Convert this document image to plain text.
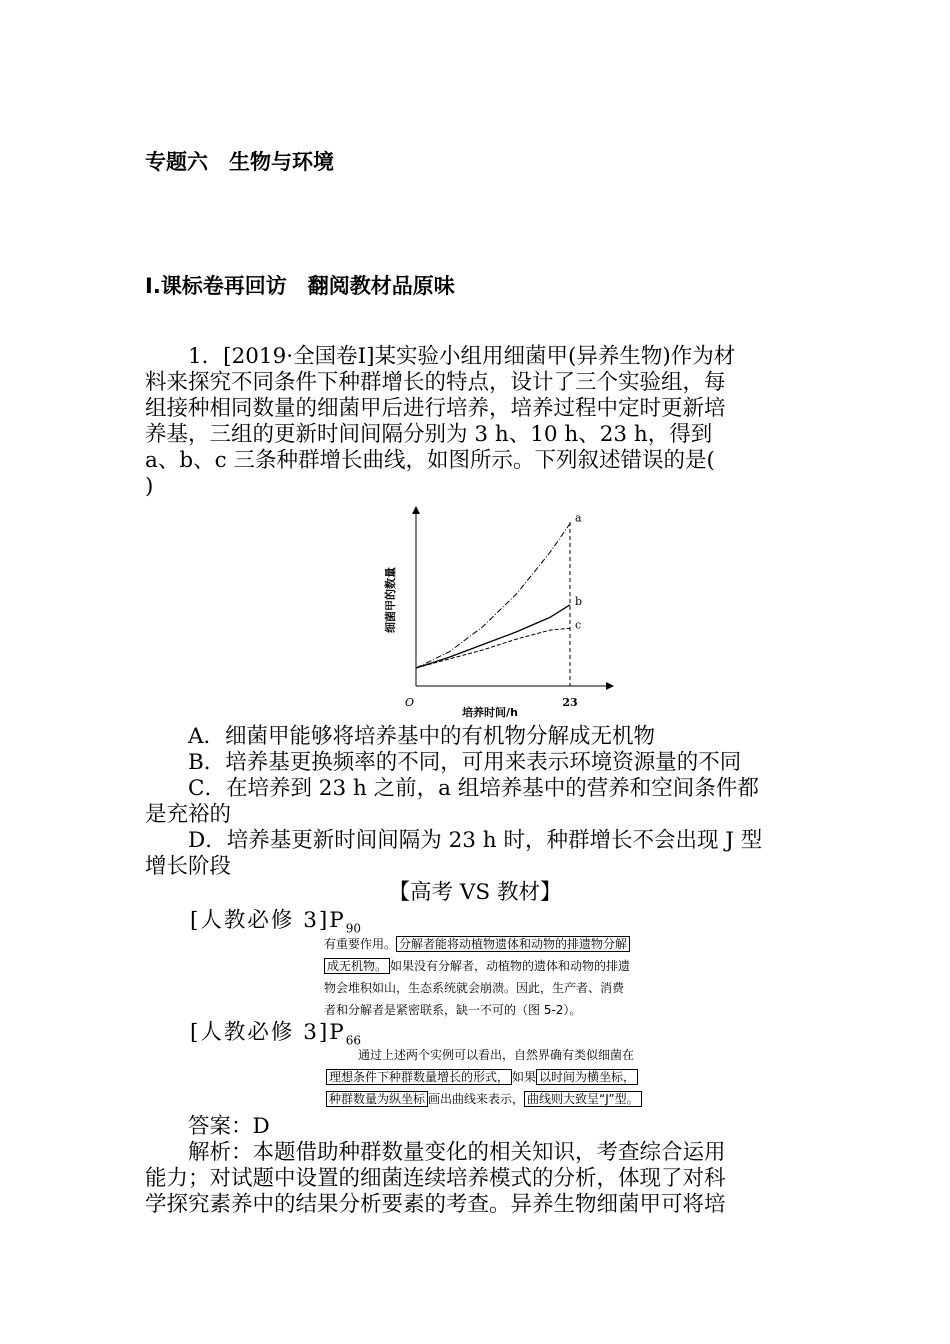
专题六　生物与环境
Ⅰ.课标卷再回访　翻阅教材品原味
　　1．[2019·全国卷Ⅰ]某实验小组用细菌甲(异养生物)作为材
料来探究不同条件下种群增长的特点，设计了三个实验组，每
组接种相同数量的细菌甲后进行培养，培养过程中定时更新培
养基，三组的更新时间间隔分别为 3 h、10 h、23 h，得到
a、b、c 三条种群增长曲线，如图所示。下列叙述错误的是(
)
a
b
c
细菌甲的数量
培养时间/h
O	23
　　A．细菌甲能够将培养基中的有机物分解成无机物
　　B．培养基更换频率的不同，可用来表示环境资源量的不同
　　C．在培养到 23 h 之前，a 组培养基中的营养和空间条件都
是充裕的
　　D．培养基更新时间间隔为 23 h 时，种群增长不会出现 J 型
增长阶段
【高考 VS 教材】
[人教必修 $3]P_{90}$
有重要作用。 分解者能将动植物遗体和动物的排遗物分解
成无机物。 如果没有分解者，动植物的遗体和动物的排遗
物会堆积如山，生态系统就会崩溃。因此，生产者、消费
者和分解者是紧密联系，缺一不可的（图 5-2）。
[人教必修 $3]P_{66}$
通过上述两个实例可以看出，自然界确有类似细菌在
理想条件下种群数量增长的形式， 如果 以时间为横坐标，
种群数量为纵坐标 画出曲线来表示， 曲线则大致呈“J”型。
　　答案：D
　　解析：本题借助种群数量变化的相关知识，考查综合运用
能力；对试题中设置的细菌连续培养模式的分析，体现了对科
学探究素养中的结果分析要素的考查。异养生物细菌甲可将培
